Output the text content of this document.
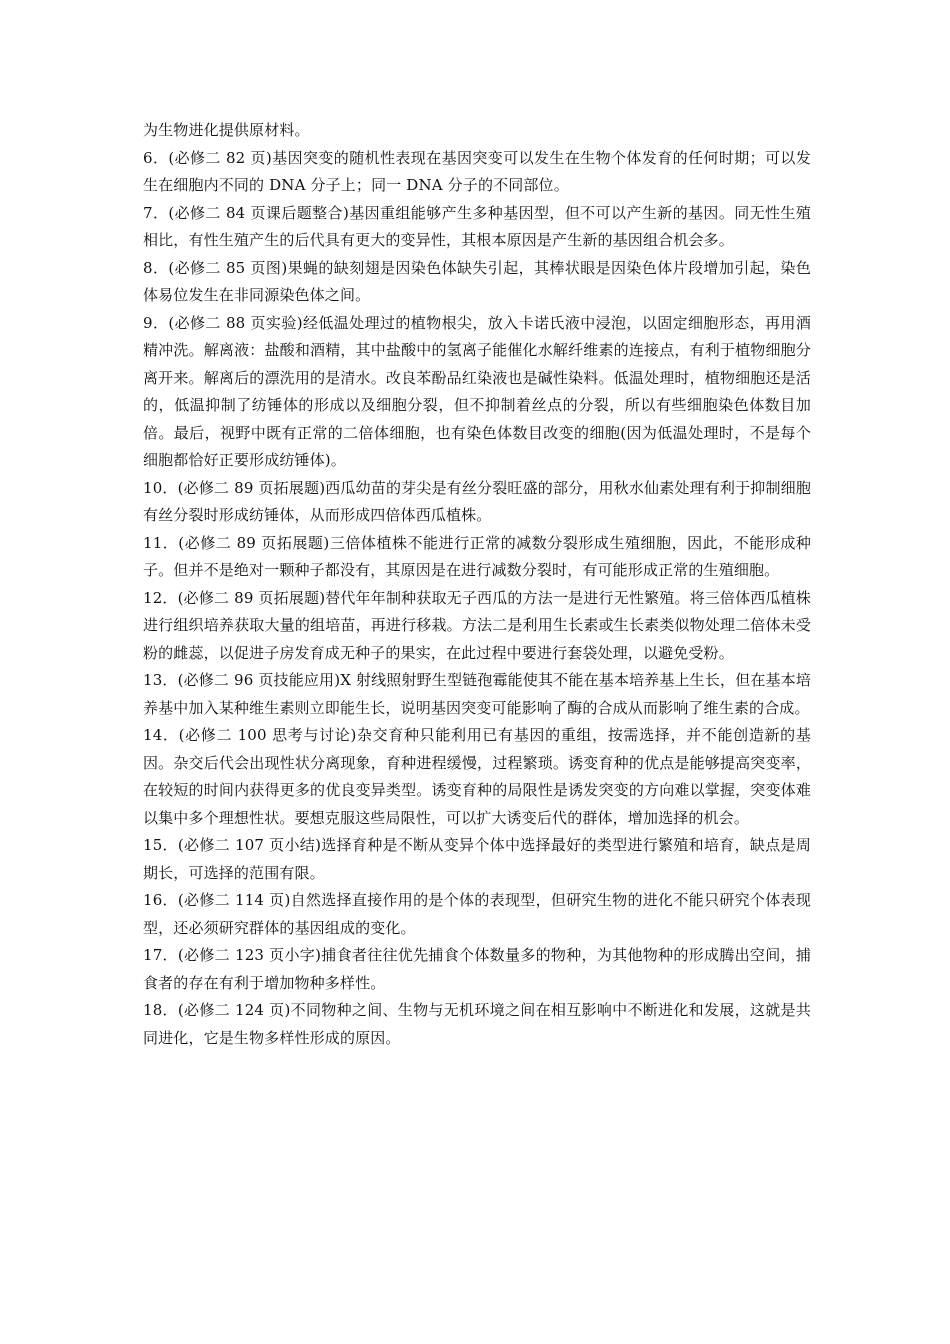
为生物进化提供原材料。

6．(必修二 82 页)基因突变的随机性表现在基因突变可以发生在生物个体发育的任何时期；可以发生在细胞内不同的 DNA 分子上；同一 DNA 分子的不同部位。

7．(必修二 84 页课后题整合)基因重组能够产生多种基因型，但不可以产生新的基因。同无性生殖相比，有性生殖产生的后代具有更大的变异性，其根本原因是产生新的基因组合机会多。

8．(必修二 85 页图)果蝇的缺刻翅是因染色体缺失引起，其棒状眼是因染色体片段增加引起，染色体易位发生在非同源染色体之间。

9．(必修二 88 页实验)经低温处理过的植物根尖，放入卡诺氏液中浸泡，以固定细胞形态，再用酒精冲洗。解离液：盐酸和酒精，其中盐酸中的氢离子能催化水解纤维素的连接点，有利于植物细胞分离开来。解离后的漂洗用的是清水。改良苯酚品红染液也是碱性染料。低温处理时，植物细胞还是活的，低温抑制了纺锤体的形成以及细胞分裂，但不抑制着丝点的分裂，所以有些细胞染色体数目加倍。最后，视野中既有正常的二倍体细胞，也有染色体数目改变的细胞(因为低温处理时，不是每个细胞都恰好正要形成纺锤体)。

10．(必修二 89 页拓展题)西瓜幼苗的芽尖是有丝分裂旺盛的部分，用秋水仙素处理有利于抑制细胞有丝分裂时形成纺锤体，从而形成四倍体西瓜植株。

11．(必修二 89 页拓展题)三倍体植株不能进行正常的减数分裂形成生殖细胞，因此，不能形成种子。但并不是绝对一颗种子都没有，其原因是在进行减数分裂时，有可能形成正常的生殖细胞。

12．(必修二 89 页拓展题)替代年年制种获取无子西瓜的方法一是进行无性繁殖。将三倍体西瓜植株进行组织培养获取大量的组培苗，再进行移栽。方法二是利用生长素或生长素类似物处理二倍体未受粉的雌蕊，以促进子房发育成无种子的果实，在此过程中要进行套袋处理，以避免受粉。

13．(必修二 96 页技能应用)X 射线照射野生型链孢霉能使其不能在基本培养基上生长，但在基本培养基中加入某种维生素则立即能生长，说明基因突变可能影响了酶的合成从而影响了维生素的合成。

14．(必修二 100 思考与讨论)杂交育种只能利用已有基因的重组，按需选择，并不能创造新的基因。杂交后代会出现性状分离现象，育种进程缓慢，过程繁琐。诱变育种的优点是能够提高突变率，在较短的时间内获得更多的优良变异类型。诱变育种的局限性是诱发突变的方向难以掌握，突变体难以集中多个理想性状。要想克服这些局限性，可以扩大诱变后代的群体，增加选择的机会。

15．(必修二 107 页小结)选择育种是不断从变异个体中选择最好的类型进行繁殖和培育，缺点是周期长，可选择的范围有限。

16．(必修二 114 页)自然选择直接作用的是个体的表现型，但研究生物的进化不能只研究个体表现型，还必须研究群体的基因组成的变化。

17．(必修二 123 页小字)捕食者往往优先捕食个体数量多的物种，为其他物种的形成腾出空间，捕食者的存在有利于增加物种多样性。

18．(必修二 124 页)不同物种之间、生物与无机环境之间在相互影响中不断进化和发展，这就是共同进化，它是生物多样性形成的原因。
